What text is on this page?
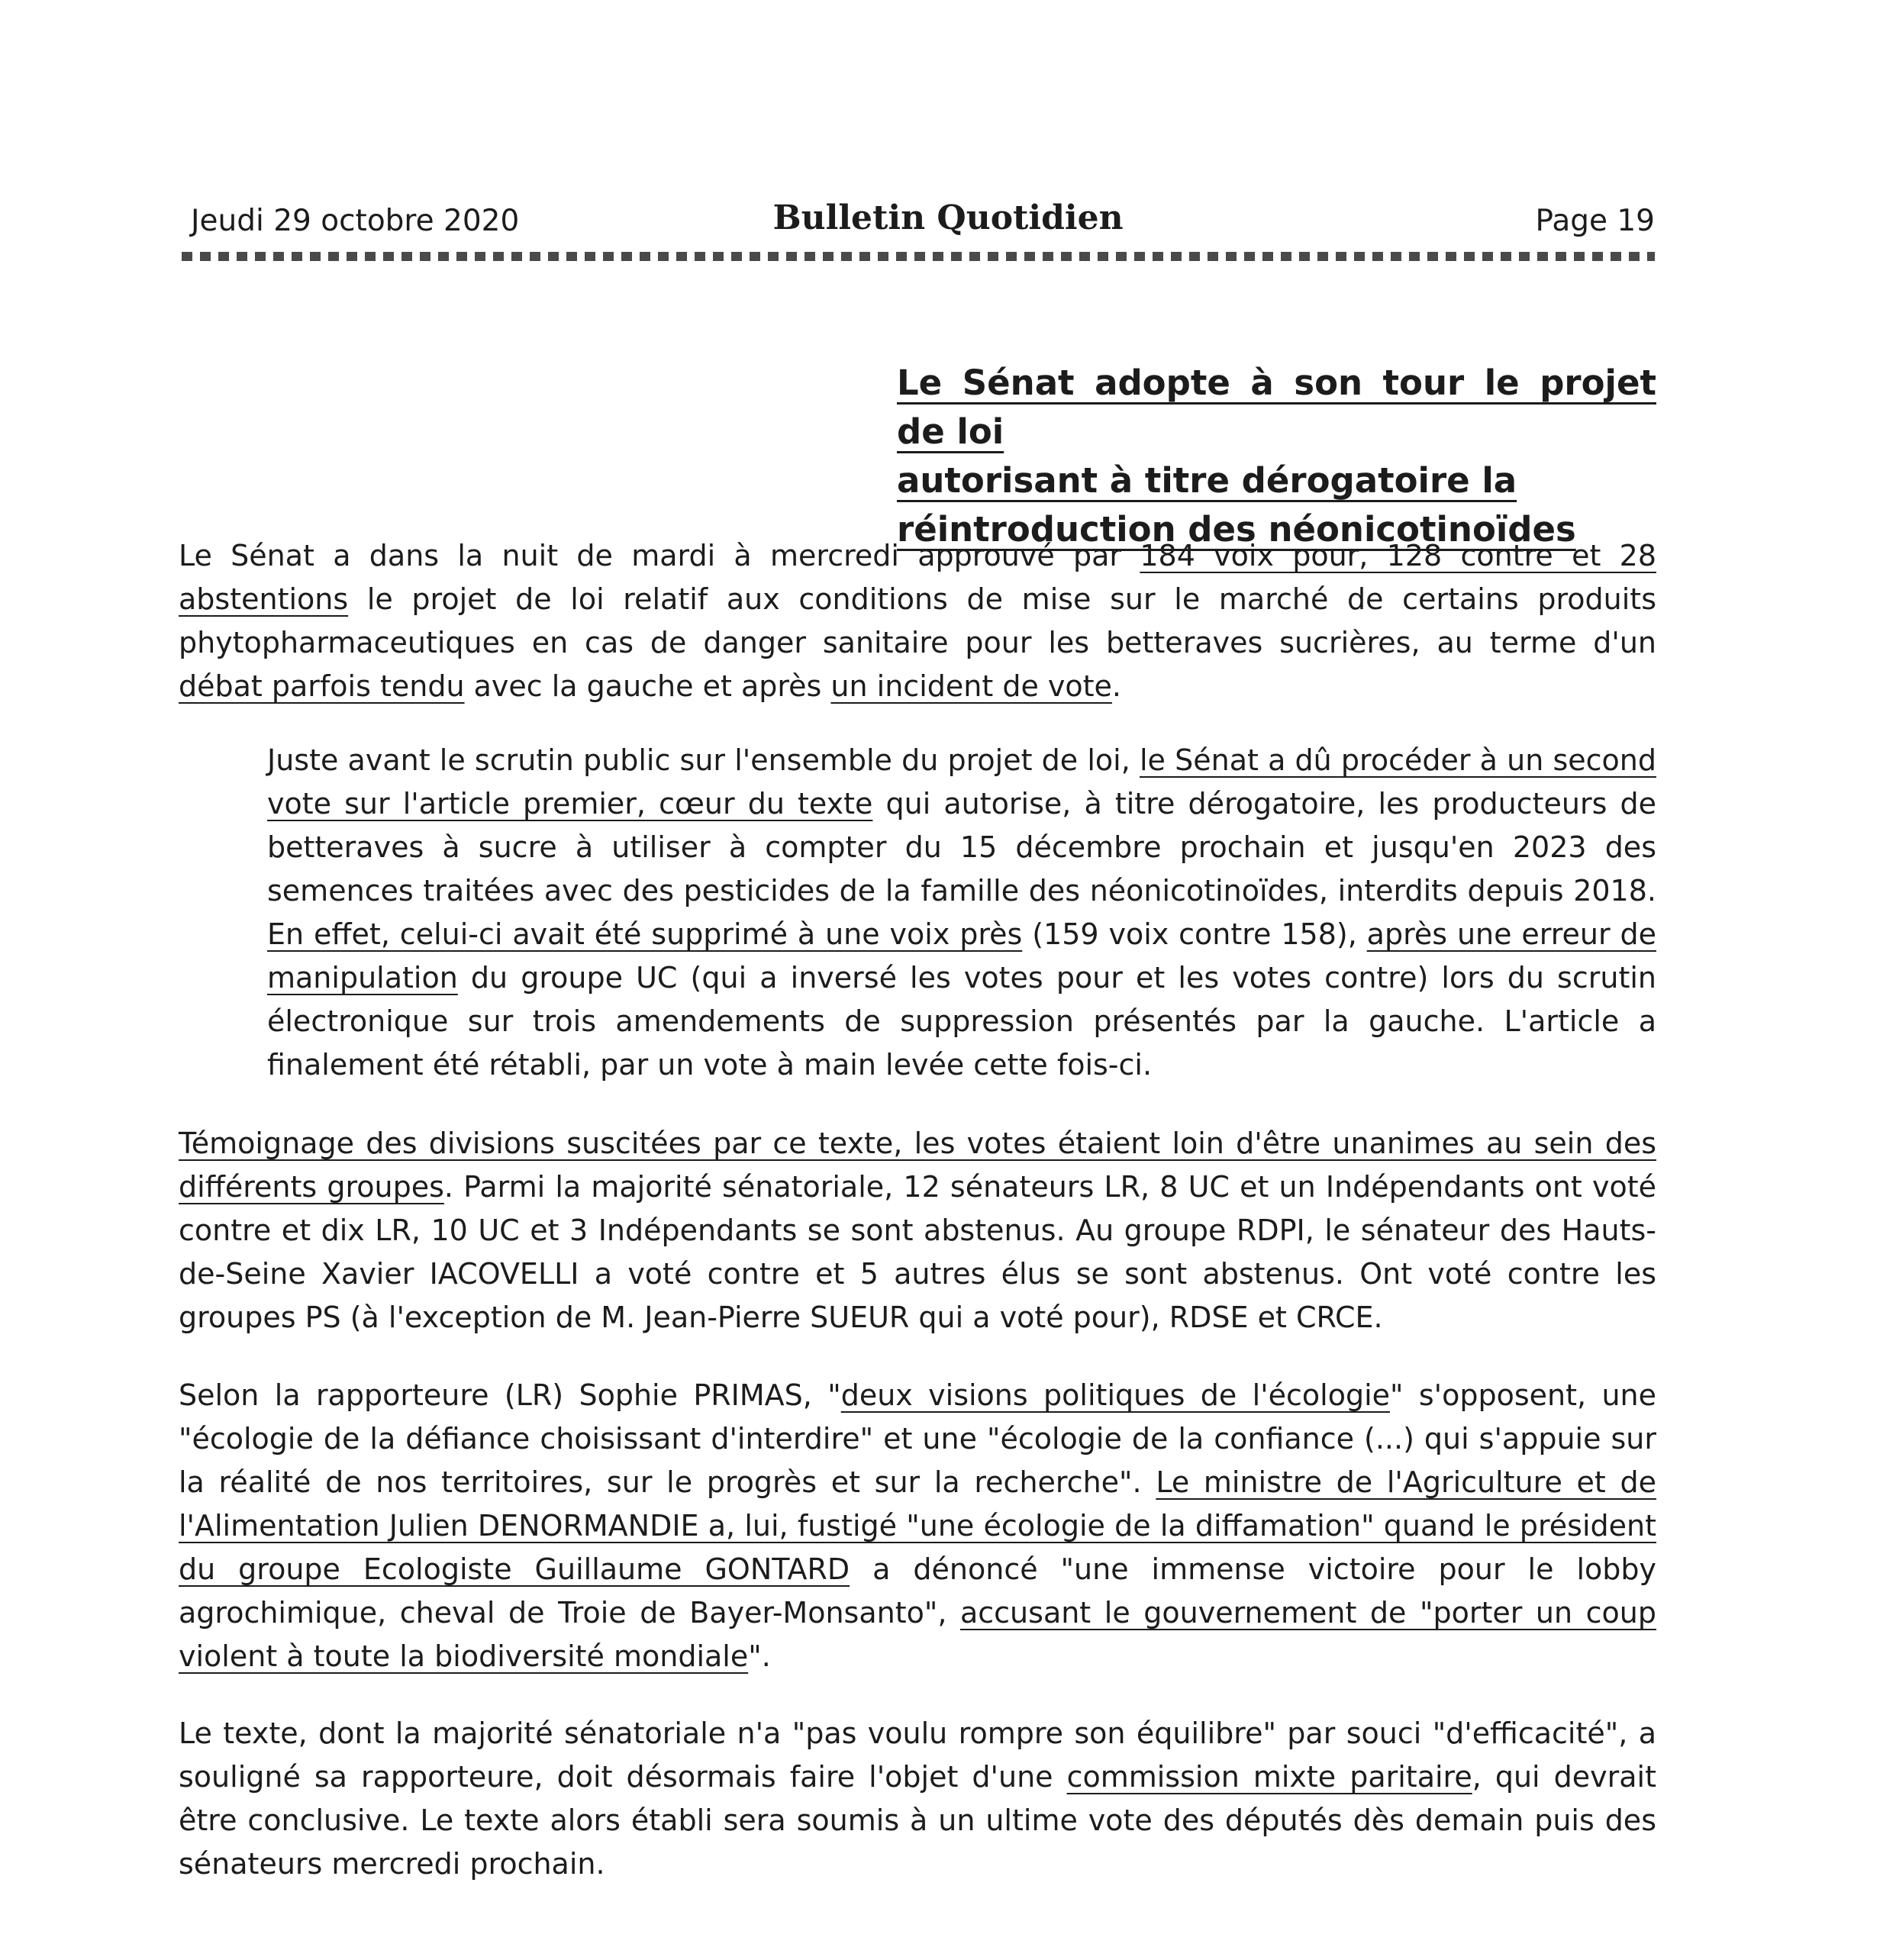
Jeudi 29 octobre 2020	Bulletin Quotidien	Page 19
Le Sénat adopte à son tour le projet de loi
autorisant à titre dérogatoire la
réintroduction des néonicotinoïdes

Le Sénat a dans la nuit de mardi à mercredi approuvé par 184 voix pour, 128 contre et 28 abstentions le projet de loi relatif aux conditions de mise sur le marché de certains produits phytopharmaceutiques en cas de danger sanitaire pour les betteraves sucrières, au terme d'un débat parfois tendu avec la gauche et après un incident de vote.

Juste avant le scrutin public sur l'ensemble du projet de loi, le Sénat a dû procéder à un second vote sur l'article premier, cœur du texte qui autorise, à titre dérogatoire, les producteurs de betteraves à sucre à utiliser à compter du 15 décembre prochain et jusqu'en 2023 des semences traitées avec des pesticides de la famille des néonicotinoïdes, interdits depuis 2018. En effet, celui-ci avait été supprimé à une voix près (159 voix contre 158), après une erreur de manipulation du groupe UC (qui a inversé les votes pour et les votes contre) lors du scrutin électronique sur trois amendements de suppression présentés par la gauche. L'article a finalement été rétabli, par un vote à main levée cette fois-ci.

Témoignage des divisions suscitées par ce texte, les votes étaient loin d'être unanimes au sein des différents groupes. Parmi la majorité sénatoriale, 12 sénateurs LR, 8 UC et un Indépendants ont voté contre et dix LR, 10 UC et 3 Indépendants se sont abstenus. Au groupe RDPI, le sénateur des Hauts-de-Seine Xavier IACOVELLI a voté contre et 5 autres élus se sont abstenus. Ont voté contre les groupes PS (à l'exception de M. Jean-Pierre SUEUR qui a voté pour), RDSE et CRCE.

Selon la rapporteure (LR) Sophie PRIMAS, "deux visions politiques de l'écologie" s'opposent, une "écologie de la défiance choisissant d'interdire" et une "écologie de la confiance (...) qui s'appuie sur la réalité de nos territoires, sur le progrès et sur la recherche". Le ministre de l'Agriculture et de l'Alimentation Julien DENORMANDIE a, lui, fustigé "une écologie de la diffamation" quand le président du groupe Ecologiste Guillaume GONTARD a dénoncé "une immense victoire pour le lobby agrochimique, cheval de Troie de Bayer-Monsanto", accusant le gouvernement de "porter un coup violent à toute la biodiversité mondiale".

Le texte, dont la majorité sénatoriale n'a "pas voulu rompre son équilibre" par souci "d'efficacité", a souligné sa rapporteure, doit désormais faire l'objet d'une commission mixte paritaire, qui devrait être conclusive. Le texte alors établi sera soumis à un ultime vote des députés dès demain puis des sénateurs mercredi prochain.
